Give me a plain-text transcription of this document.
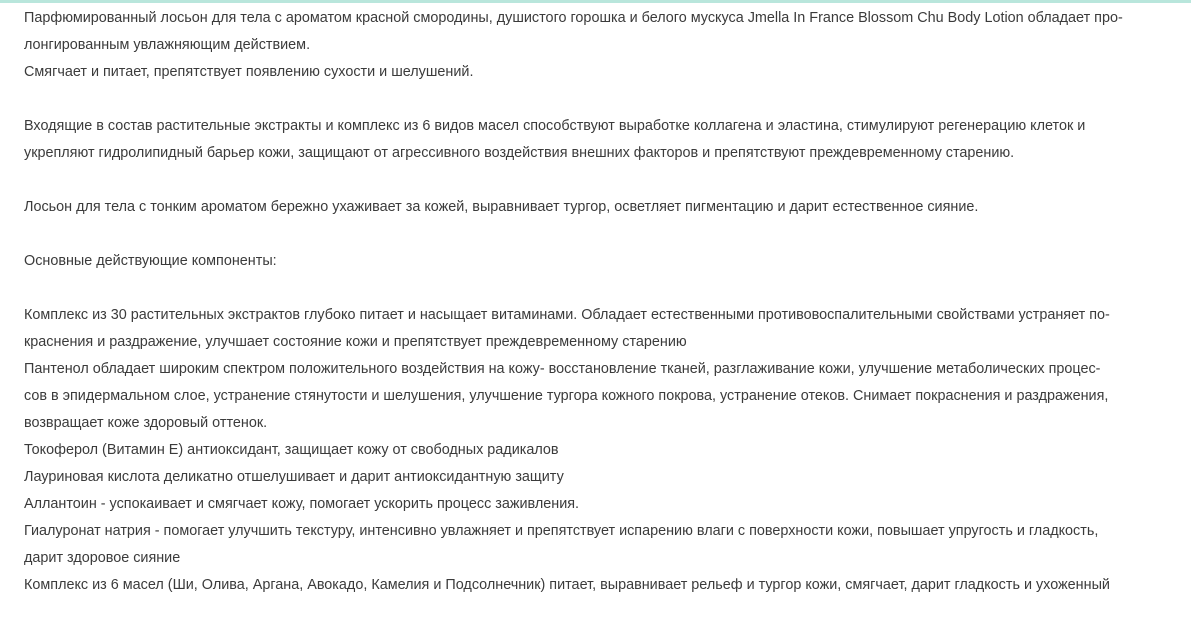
Парфюмированный лосьон для тела с ароматом красной смородины, душистого горошка и белого мускуса Jmella In France Blossom Chu Body Lotion обладает про-
лонгированным увлажняющим действием.
Смягчает и питает, препятствует появлению сухости и шелушений.

Входящие в состав растительные экстракты и комплекс из 6 видов масел способствуют выработке коллагена и эластина, стимулируют регенерацию клеток и
укрепляют гидролипидный барьер кожи, защищают от агрессивного воздействия внешних факторов и препятствуют преждевременному старению.

Лосьон для тела с тонким ароматом бережно ухаживает за кожей, выравнивает тургор, осветляет пигментацию и дарит естественное сияние.

Основные действующие компоненты:

Комплекс из 30 растительных экстрактов глубоко питает и насыщает витаминами. Обладает естественными противовоспалительными свойствами устраняет по-
краснения и раздражение, улучшает состояние кожи и препятствует преждевременному старению
Пантенол обладает широким спектром положительного воздействия на кожу- восстановление тканей, разглаживание кожи, улучшение метаболических процес-
сов в эпидермальном слое, устранение стянутости и шелушения, улучшение тургора кожного покрова, устранение отеков. Снимает покраснения и раздражения,
возвращает коже здоровый оттенок.
Токоферол (Витамин E) антиоксидант, защищает кожу от свободных радикалов
Лауриновая кислота деликатно отшелушивает и дарит антиоксидантную защиту
Аллантоин - успокаивает и смягчает кожу, помогает ускорить процесс заживления.
Гиалуронат натрия - помогает улучшить текстуру, интенсивно увлажняет и препятствует испарению влаги с поверхности кожи, повышает упругость и гладкость,
дарит здоровое сияние
Комплекс из 6 масел (Ши, Олива, Аргана, Авокадо, Камелия и Подсолнечник) питает, выравнивает рельеф и тургор кожи, смягчает, дарит гладкость и ухоженный
